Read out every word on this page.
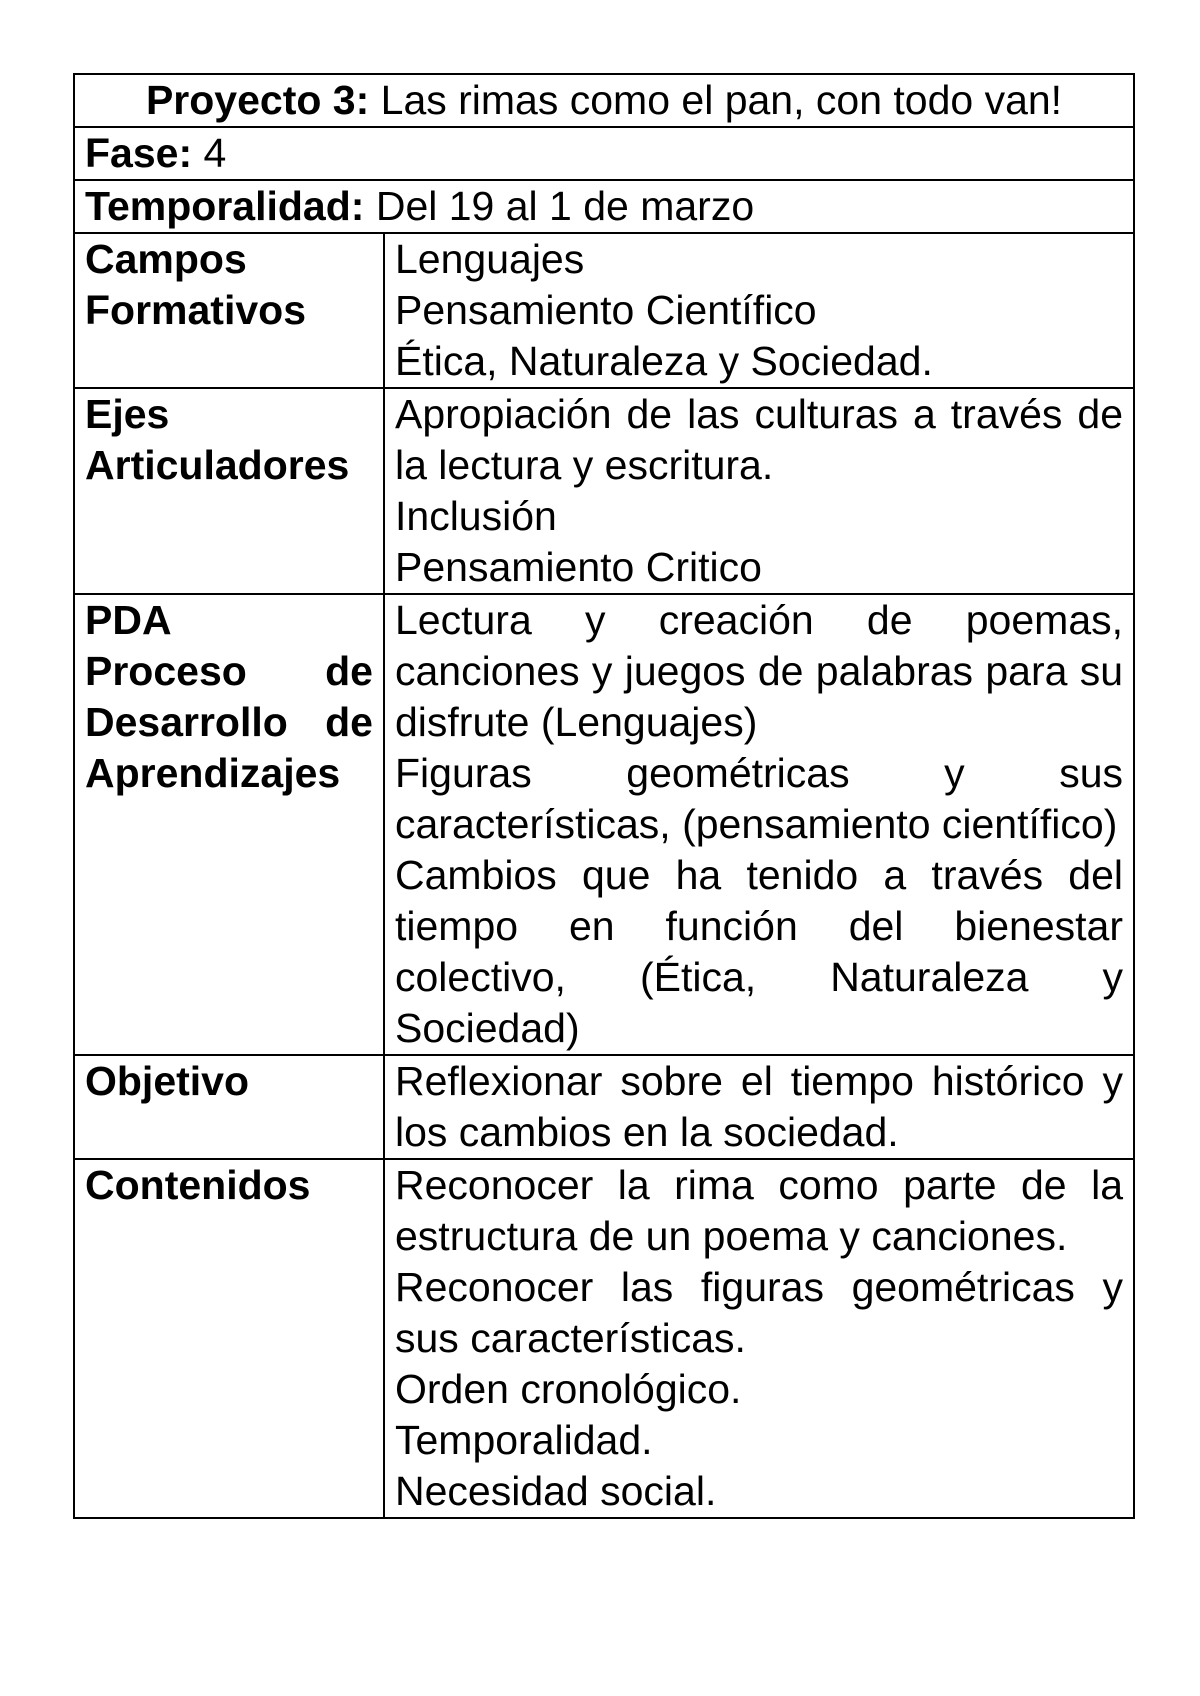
Proyecto 3: Las rimas como el pan, con todo van!	
Fase: 4	
Temporalidad: Del 19 al 1 de marzo	

Campos
Formativos	Lenguajes
Pensamiento Científico
Ética, Naturaleza y Sociedad.

Ejes
Articuladores	Apropiación de las culturas a través de la lectura y escritura.
Inclusión
Pensamiento Critico

PDA
Proceso de Desarrollo de Aprendizajes	Lectura y creación de poemas, canciones y juegos de palabras para su disfrute (Lenguajes)
Figuras geométricas y sus características, (pensamiento científico)
Cambios que ha tenido a través del tiempo en función del bienestar colectivo, (Ética, Naturaleza y Sociedad)

Objetivo	Reflexionar sobre el tiempo histórico y los cambios en la sociedad.

Contenidos	Reconocer la rima como parte de la estructura de un poema y canciones.
Reconocer las figuras geométricas y sus características.
Orden cronológico.
Temporalidad.
Necesidad social.
